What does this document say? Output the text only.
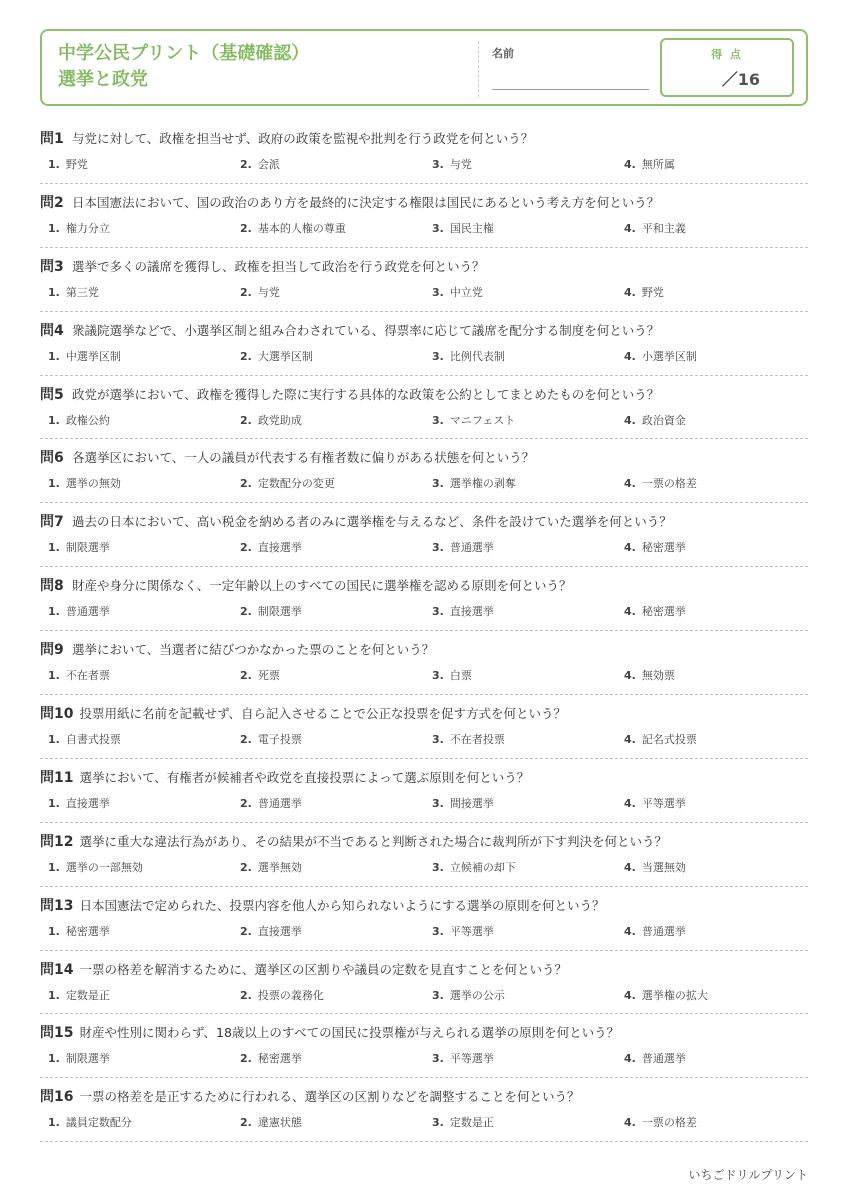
中学公民プリント（基礎確認）
選挙と政党
名前	得 点
／16
問1 与党に対して、政権を担当せず、政府の政策を監視や批判を行う政党を何という？
1. 野党	2. 会派	3. 与党	4. 無所属
問2 日本国憲法において、国の政治のあり方を最終的に決定する権限は国民にあるという考え方を何という？
1. 権力分立	2. 基本的人権の尊重	3. 国民主権	4. 平和主義
問3 選挙で多くの議席を獲得し、政権を担当して政治を行う政党を何という？
1. 第三党	2. 与党	3. 中立党	4. 野党
問4 衆議院選挙などで、小選挙区制と組み合わされている、得票率に応じて議席を配分する制度を何という？
1. 中選挙区制	2. 大選挙区制	3. 比例代表制	4. 小選挙区制
問5 政党が選挙において、政権を獲得した際に実行する具体的な政策を公約としてまとめたものを何という？
1. 政権公約	2. 政党助成	3. マニフェスト	4. 政治資金
問6 各選挙区において、一人の議員が代表する有権者数に偏りがある状態を何という？
1. 選挙の無効	2. 定数配分の変更	3. 選挙権の剥奪	4. 一票の格差
問7 過去の日本において、高い税金を納める者のみに選挙権を与えるなど、条件を設けていた選挙を何という？
1. 制限選挙	2. 直接選挙	3. 普通選挙	4. 秘密選挙
問8 財産や身分に関係なく、一定年齢以上のすべての国民に選挙権を認める原則を何という？
1. 普通選挙	2. 制限選挙	3. 直接選挙	4. 秘密選挙
問9 選挙において、当選者に結びつかなかった票のことを何という？
1. 不在者票	2. 死票	3. 白票	4. 無効票
問10 投票用紙に名前を記載せず、自ら記入させることで公正な投票を促す方式を何という？
1. 自書式投票	2. 電子投票	3. 不在者投票	4. 記名式投票
問11 選挙において、有権者が候補者や政党を直接投票によって選ぶ原則を何という？
1. 直接選挙	2. 普通選挙	3. 間接選挙	4. 平等選挙
問12 選挙に重大な違法行為があり、その結果が不当であると判断された場合に裁判所が下す判決を何という？
1. 選挙の一部無効	2. 選挙無効	3. 立候補の却下	4. 当選無効
問13 日本国憲法で定められた、投票内容を他人から知られないようにする選挙の原則を何という？
1. 秘密選挙	2. 直接選挙	3. 平等選挙	4. 普通選挙
問14 一票の格差を解消するために、選挙区の区割りや議員の定数を見直すことを何という？
1. 定数是正	2. 投票の義務化	3. 選挙の公示	4. 選挙権の拡大
問15 財産や性別に関わらず、18歳以上のすべての国民に投票権が与えられる選挙の原則を何という？
1. 制限選挙	2. 秘密選挙	3. 平等選挙	4. 普通選挙
問16 一票の格差を是正するために行われる、選挙区の区割りなどを調整することを何という？
1. 議員定数配分	2. 違憲状態	3. 定数是正	4. 一票の格差
いちごドリルプリント
